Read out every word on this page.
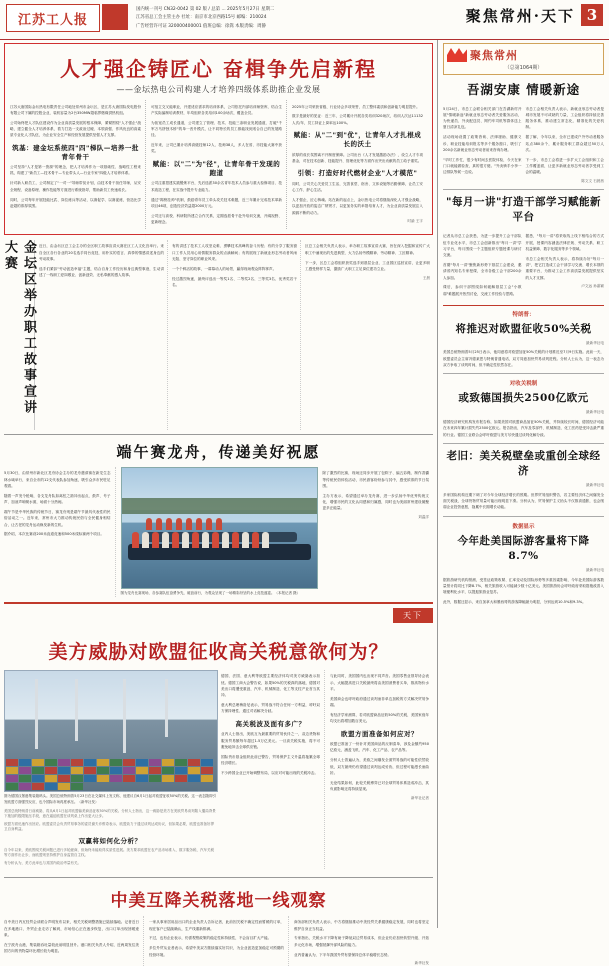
江苏工人报
国内统一刊号 CN32-0042 第 02 版 / 总第 ... 2025年5月27日 星期二
江苏省总工会主管主办 社址：南京市北京西路15号 邮编：210024
广告经营许可证 320000400001 值班总编：徐嵩 本版责编：周静
聚焦常州·天下 3
人才强企铸匠心 奋楫争先启新程
——金坛热电公司构建人才培养四级体系助推企业发展

江苏大唐国际金坛热电有限责任公司地处常州市金坛区，是江苏大唐国际发电股份有限公司下属的控股企业，装机容量为2台350MW超临界燃煤供热机组。

公司始终把人才队伍建设作为企业高质量发展的根本保障，紧紧围绕"人才强企"战略，建立健全人才培养体系，着力打造一支政治过硬、本领高强、作风优良的高素质专业化人才队伍，为企业安全生产和经营发展提供坚强人才支撑。

筑基：建金坛系统四"四"梯队—培养一批青年骨干

公司坚持"人才是第一资源"的理念，把人才培养作为一项基础性、战略性工程来抓，构建了"新员工—技术骨干—专业带头人—行业专家"四级人才培养体系。

针对新入职员工，公司制定了"一对一"导师带徒计划，由技术骨干担任导师，从安全规程、设备原理、操作技能等方面进行系统指导，帮助新员工快速成长。

同时，公司每年开展技能比武、岗位练兵等活动，以赛促学、以赛促练，营造比学赶超的浓厚氛围。

可组立交叉能职业，开建适应需求的培训体系，公司依托内部培训师资库，结合生产实际编制培训教材，年均组织各类培训100余场次，覆盖全员。

为拓宽员工成长通道，公司建立了管理、技术、技能三条职业发展通道，打破"千军万马挤独木桥"的单一晋升模式，让不同特长的员工都能找到适合自己的发展路径。

近年来，公司已累计培养高级技师12人、技师38人，多人在省、市技能大赛中获奖。

赋能：以"二"为"径"，让青年骨干发现的跑道

公司注重搭建实践锻炼平台，先后选派30余名青年技术人员参与重大检修项目、技术改造工程，在实战中提升专业能力。

通过"揭榜挂帅"机制，鼓励青年员工牵头攻关技术难题，近三年累计完成技术革新项目46项，创造经济效益超2000万元。

公司还与高校、科研院所建立合作关系，定期选派骨干赴外培训交流，开阔视野、更新理念。

2025年公司荣获省级、行业协会多项荣誉，员工整体素质和创新能力明显提升。

数字是最好的见证：近三年，公司累计开展各类培训320场次，培训人次达11132人次/年，员工持证上岗率达100%。

赋能：从"二"到"优"，让青年人才扎根成长的沃土

浓厚的成长氛围离不开制度保障。公司出台《人才发展激励办法》，设立人才专项基金，对在技术创新、技能提升、管理优化等方面作出突出贡献的员工给予重奖。

引领：打造好时代燃材企业"人才模范"

同时，公司关心关爱员工生活，完善食堂、宿舍、文体设施等后勤保障，让员工安心工作、舒心生活。

人才强企，匠心铸魂。站在新的起点上，金坛热电公司将继续深化人才强企战略，以更加开放的姿态广纳贤才，以更加务实的举措培育人才，为企业高质量发展注入源源不断的动力。

时渝 王宇
金坛区举办职工故事宣讲大赛	近日，由金坛区总工会主办的全区职工故事宣讲大赛在区工人文化宫举行。来自全区各行各业的20名选手同台竞技，用朴实的语言、真挚的情感讲述身边的劳动故事。

选手们紧扣"劳动创造幸福"主题，结合自身工作经历和身边典型事迹，生动讲述了一线职工爱岗敬业、创新创效、无私奉献的感人故事。

有的讲述了技术工人攻坚克难、勇攀技术高峰的奋斗历程；有的分享了服务窗口工作人员用心用情服务群众的点滴瞬间；有的展现了新就业形态劳动者风雨无阻、坚守岗位的职业风采。

一个个鲜活的故事，一幕幕动人的场景，赢得现场观众阵阵掌声。

经过激烈角逐，最终评选出一等奖1名、二等奖2名、三等奖3名、优秀奖若干名。

区总工会相关负责人表示，举办职工故事宣讲大赛，旨在深入挖掘和宣传广大职工中涌现出的先进典型，大力弘扬劳模精神、劳动精神、工匠精神。

下一步，区总工会将组织获奖选手到基层企业、工业园区巡回宣讲，让更多职工感受榜样力量，激励广大职工立足岗位建功立业。

王晨
端午赛龙舟，传递美好祝愿

5月30日，由常州市新北区龙舟协会主办的龙舟邀请赛在新龙生态林水域举行，来自全市的12支代表队参加角逐，吸引众多市民驻足观看。

随着一声发令枪响，各支龙舟队如离弦之箭冲出起点，鼓声、号子声、加油声响彻水面，场面十分热闹。

端午节是中华民族的传统节日，赛龙舟则是端午节最具代表性的民俗活动之一。近年来，常州市大力推动传统民俗与全民健身相结合，让古老的龙舟运动焕发新的生机。

据介绍，本次比赛设200米直道竞速和500米绕标赛两个项目。

图为龙舟比赛现场，各参赛队伍奋勇争先，破浪前行，为观众呈现了一场精彩纷呈的水上竞技盛宴。（本报记者 摄）

除了激烈的比赛，现场还同步开展了包粽子、编五彩绳、制作香囊等传统民俗体验活动，市民游客纷纷参与其中，感受浓浓的节日氛围。

主办方表示，希望通过举办龙舟赛，进一步弘扬中华优秀传统文化，增强市民的文化认同感和归属感，同时也为美丽常州建设凝聚更多正能量。

刘温洋
天下
美方威胁对欧盟征收高关税意欲何为？
图为德国汉堡港集装箱码头。美国总统特朗普5月23日在社交媒体上发文称，他建议自6月1日起对欧盟征收50%的关税。这一表态随即引发欧盟方面强烈反应，也令国际市场再度承压。（新华社发）
美国总统特朗普日前威胁，将从6月1日起对欧盟输美商品征收50%的关税。分析人士指出，这一威胁是美方在美欧贸易谈判陷入僵局背景下施加的极限施压手段，意在逼迫欧盟在谈判桌上作出更大让步。
欧盟方面迅速作出回应。欧盟委员会负责贸易事务的委员谢夫乔维奇表示，欧盟致力于通过谈判达成协议，但如果必要，欧盟也准备好捍卫自身利益。
双赢将如何化分析？
自今年以来，美欧围绕关税问题已进行多轮磋商，但始终未能取得实质性进展。美方要求欧盟在农产品市场准入、数字服务税、汽车关税等方面作出让步，而欧盟则坚持维护自身监管自主权。
有分析认为，美方此举也与其国内政治考量有关。

德国、法国、意大利等欧盟主要经济体均对美方威胁表示担忧。德国工商大会警告说，如果50%的关税真的落地，德国对美出口将遭受重创，汽车、机械制造、化工等支柱产业首当其冲。

意大利总理梅洛尼表示，贸易战不符合任何一方利益，呼吁双方保持理性、通过对话解决分歧。

高关税波及面有多广？

业内人士指出，美欧互为最重要的贸易伙伴之一，双边货物和服务贸易额每年超过1.5万亿美元。一旦高关税实施，将不可避免地冲击全球供应链。

国际货币基金组织此前已警告，贸易保护主义升温将拖累全球经济增长。

不少跨国企业已开始调整布局，以应对可能出现的关税冲击。

与此同时，美国国内也出现不同声音。美国零售业领导协会表示，大幅提高进口关税最终将由美国消费者买单，推高物价水平。

美国商会也呼吁政府通过谈判而非单边加税的方式解决贸易争端。

有经济学家测算，若对欧盟商品征收50%的关税，美国家庭年均支出将增加数百美元。

欧盟方面准备如何应对？

欧盟已准备了一份针对美国商品的反制清单，涉及金额约950亿欧元，涵盖飞机、汽车、化工产品、农产品等。

分析人士普遍认为，美欧之间爆发全面贸易战的可能性依然较低，双方最终仍有望通过谈判达成妥协，但过程可能漫长而曲折。

无论结果如何，此轮关税博弈已对全球贸易体系造成冲击，其负面影响还将持续显现。

新华社记者
中美互降关税落地一线观察

自中美日内瓦经贸会谈联合声明发布以来，相关关税调整措施已陆续落地。记者近日在多地港口、外贸企业走访了解到，市场信心正在逐步恢复，出口订单出现回暖迹象。

在宁波舟山港，集装箱吞吐量较此前明显回升。港口相关负责人介绍，近两周发往美国方向的货物量环比增长较为明显。

一家从事家居用品出口的企业负责人告诉记者，此前因关税不确定性而暂缓的订单，现在客户已陆续确认，生产线重新排满。

不过，也有企业表示，仍需观察政策的稳定性和持续性，不会盲目扩大产能。

多位外贸从业者表示，希望中美双方继续落实好共识，为企业创造更加稳定可预期的经营环境。

商务部相关负责人表示，中方将继续推动中美经贸关系健康稳定发展，同时也将坚定维护自身正当权益。

专家指出，关税水平下降有助于降低双边贸易成本，但企业仍应加快转型升级、开拓多元化市场，增强抵御外部风险的能力。

业内普遍认为，下半年我国外贸有望保持总体平稳增长态势。

新华社发
聚焦常州
（总第1064期）
吾湖安康 情暖新途

5月24日，市总工会联合相关部门在吾湖新村开展"情暖新途"新就业形态劳动者关爱服务活动，为快递员、外卖配送员、网约车司机等群体送上夏日清凉礼包。

活动现场设置了政策咨询、法律援助、健康义诊、职业技能培训报名等多个服务窗口，吸引了200余名新就业形态劳动者前来咨询办理。

"平时工作忙，很少有时间去医院体检，今天在家门口就能做检查，真的很方便。"外卖骑手小李一边排队等候一边说。

市总工会相关负责人表示，新就业形态劳动者是城市发展不可或缺的力量，工会组织将持续完善服务体系，推动建立常态化、精准化的关爱机制。

据了解，今年以来，全市已建成户外劳动者服务站点380余个，累计服务职工群众超过50万人次。

下一步，市总工会将进一步扩大工会组织和工会工作覆盖面，让更多新就业形态劳动者享受到工会的温暖。

陈文文 石晨茜
"每月一讲"打造干部学习赋能新平台

记者从市总工会获悉，为进一步提升工会干部队伍专业化水平，市总工会创新推出"每月一讲"学习平台，每月围绕一个主题组织专题授课与研讨交流。

首期"每月一讲"聚焦新形势下基层工会建设，邀请省内知名专家授课，全市各级工会干部200余人参加。

课后，参训干部围绕如何破解基层工会"小散弱"难题展开热烈讨论，交流工作经验与思路。

据悉，"每月一讲"将采取线上线下相结合的方式开展，授课内容涵盖法律法规、劳动关系、职工权益保障、数字化服务等多个领域。

市总工会相关负责人表示，将持续办好"每月一讲"，把它打造成工会干部学习交流、增长本领的重要平台，为推动工会工作高质量发展提供坚实的人才支撑。

卢文远 孙嘉颖
特朗普：
将推迟对欧盟征收50%关税
最新华社电

美国总统特朗普5月25日表示，他同意将对欧盟加征50%关税的计划推迟至7月9日实施。此前一天，欧盟委员会主席冯德莱恩与特朗普通电话，双方同意加快贸易谈判进程。分析人士认为，这一表态为双方争取了谈判时间，但不确定性依然存在。

对收关税制
或致德国损失2500亿欧元
最新华社电

德国经济研究机构发布报告称，如果美国对欧盟商品加征50%关税，并持续较长时间，德国经济可能在未来四年累计损失约2500亿欧元。报告指出，汽车及零部件、机械制造、化工医药是受冲击最严重的行业。德国工业联合会呼吁欧盟与美方尽快通过谈判化解分歧。

老旧：美关税壁垒或重创全球经济
最新华社电

多家国际机构近期下调了对今年全球经济增长的预期。世界贸易组织警告，若主要经济体之间爆发全面关税战，全球货物贸易量可能出现明显下滑。分析认为，贸易保护主义抬头不仅推高通胀，也会削弱企业投资意愿，拖累中长期增长动能。

数据显示
今年赴美国际游客量将下降8.7%
最新华社电

据旅游研究机构预测，受签证政策收紧、汇率变动及国际形势等多重因素影响，今年赴美国际游客数量预计将同比下降8.7%，相关旅游收入可能减少数十亿美元。美国旅游协会呼吁政府采取措施改善入境便利化水平，以提振旅游业复苏。

此外，数据还显示，来自加拿大和墨西哥的游客降幅最为明显，分别达到10.5%和9.3%。
